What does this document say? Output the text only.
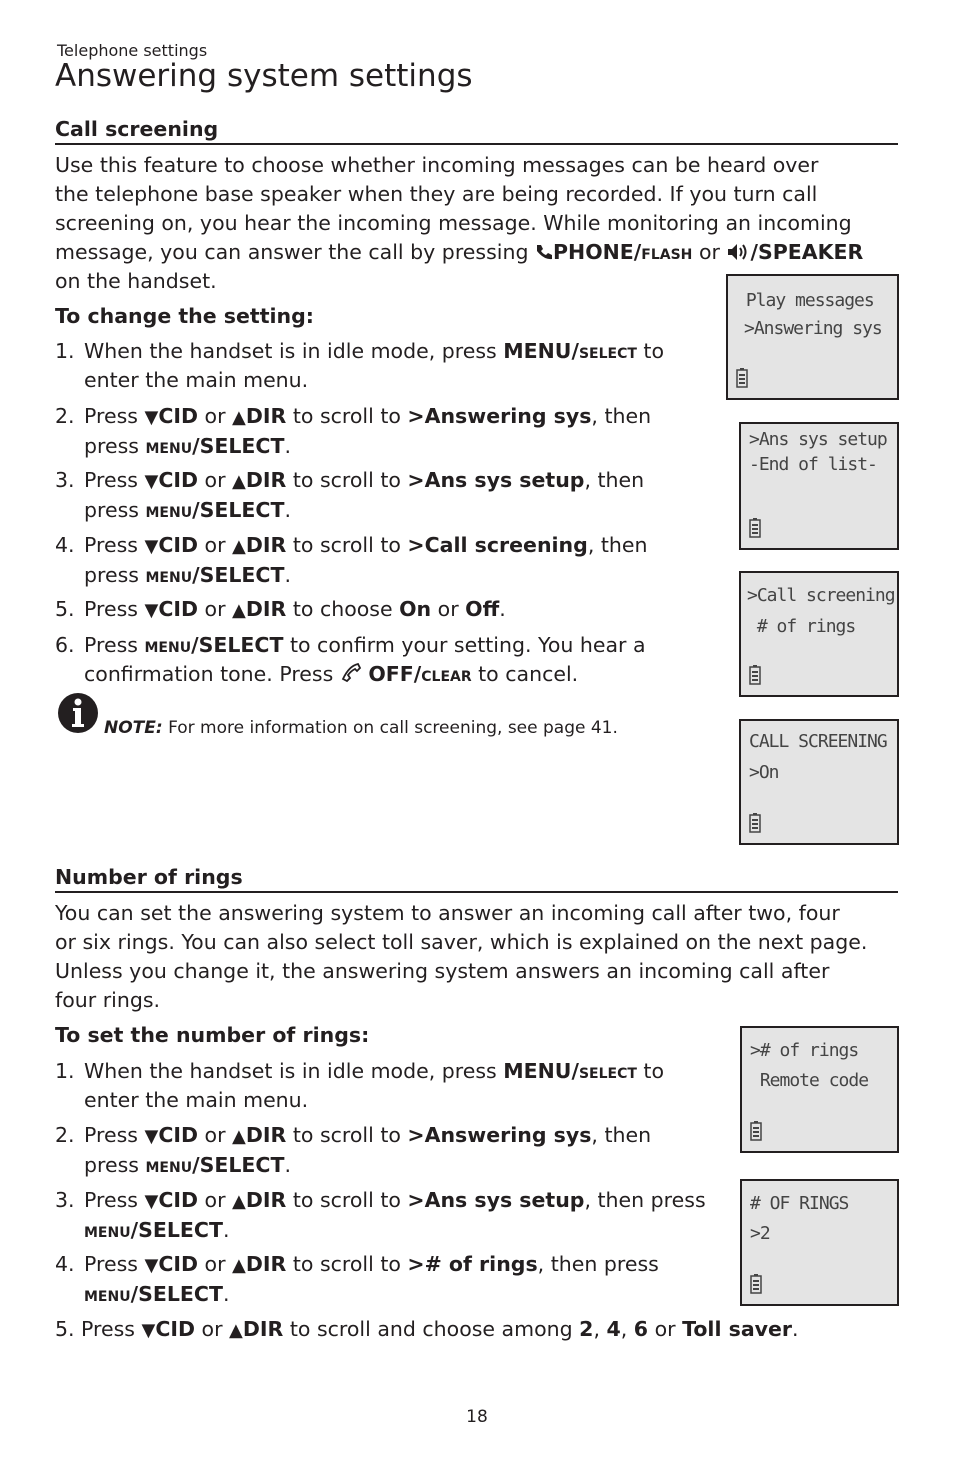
Telephone settings
Answering system settings
Call screening
Use this feature to choose whether incoming messages can be heard over
the telephone base speaker when they are being recorded. If you turn call
screening on, you hear the incoming message. While monitoring an incoming
message, you can answer the call by pressing PHONE/flash or /SPEAKER
on the handset.
To change the setting:
1. When the handset is in idle mode, press MENU/select to
enter the main menu.
2. Press ▼CID or ▲DIR to scroll to >Answering sys, then
press menu/SELECT.
3. Press ▼CID or ▲DIR to scroll to >Ans sys setup, then
press menu/SELECT.
4. Press ▼CID or ▲DIR to scroll to >Call screening, then
press menu/SELECT.
5. Press ▼CID or ▲DIR to choose On or Off.
6. Press menu/SELECT to confirm your setting. You hear a
confirmation tone. Press  OFF/clear to cancel.
NOTE: For more information on call screening, see page 41.
Play messages
>Answering sys
>Ans sys setup
-End of list-
>Call screening
# of rings
CALL SCREENING
>On
Number of rings
You can set the answering system to answer an incoming call after two, four
or six rings. You can also select toll saver, which is explained on the next page.
Unless you change it, the answering system answers an incoming call after
four rings.
To set the number of rings:
1. When the handset is in idle mode, press MENU/select to
enter the main menu.
2. Press ▼CID or ▲DIR to scroll to >Answering sys, then
press menu/SELECT.
3. Press ▼CID or ▲DIR to scroll to >Ans sys setup, then press
menu/SELECT.
4. Press ▼CID or ▲DIR to scroll to ># of rings, then press
menu/SELECT.
5. Press ▼CID or ▲DIR to scroll and choose among 2, 4, 6 or Toll saver.
># of rings
Remote code
# OF RINGS
>2
18
